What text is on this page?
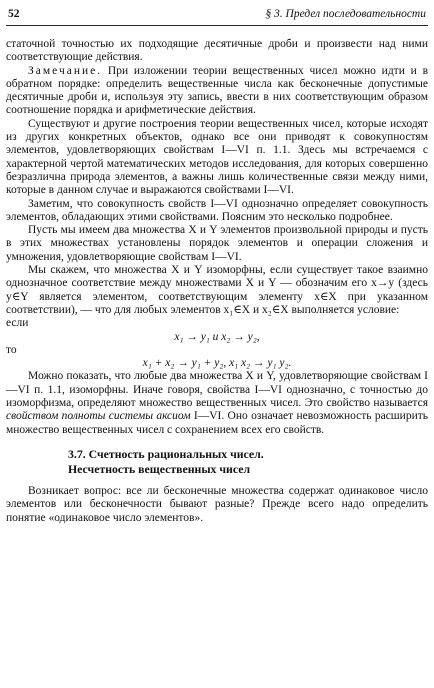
52	§ 3. Предел последовательности

статочной точностью их подходящие десятичные дроби и произвести над ними соответствующие действия.

Замечание. При изложении теории вещественных чисел можно идти и в обратном порядке: определить вещественные числа как бесконечные допустимые десятичные дроби и, используя эту запись, ввести в них соответствующим образом соотношение порядка и арифметические действия.

Существуют и другие построения теории вещественных чисел, которые исходят из других конкретных объектов, однако все они приводят к совокупностям элементов, удовлетворяющих свойствам I—VI п. 1.1. Здесь мы встречаемся с характерной чертой математических методов исследования, для которых совершенно безразлична природа элементов, а важны лишь количественные связи между ними, которые в данном случае и выражаются свойствами I—VI.

Заметим, что совокупность свойств I—VI однозначно определяет совокупность элементов, обладающих этими свойствами. Поясним это несколько подробнее.

Пусть мы имеем два множества X и Y элементов произвольной природы и пусть в этих множествах установлены порядок элементов и операции сложения и умножения, удовлетворяющие свойствам I—VI.

Мы скажем, что множества X и Y изоморфны, если существует такое взаимно однозначное соответствие между множествами X и Y — обозначим его x→y (здесь y∈Y является элементом, соответствующим элементу x∈X при указанном соответствии), — что для любых элементов x₁∈X и x₂∈X выполняется условие:

если

x₁ → y₁ и x₂ → y₂,

то

x₁ + x₂ → y₁ + y₂, x₁ x₂ → y₁ y₂.

Можно показать, что любые два множества X и Y, удовлетворяющие свойствам I—VI п. 1.1, изоморфны. Иначе говоря, свойства I—VI однозначно, с точностью до изоморфизма, определяют множество вещественных чисел. Это свойство называется свойством полноты системы аксиом I—VI. Оно означает невозможность расширить множество вещественных чисел с сохранением всех его свойств.

3.7. Счетность рациональных чисел.
Несчетность вещественных чисел

Возникает вопрос: все ли бесконечные множества содержат одинаковое число элементов или бесконечности бывают разные? Прежде всего надо определить понятие «одинаковое число элементов».
